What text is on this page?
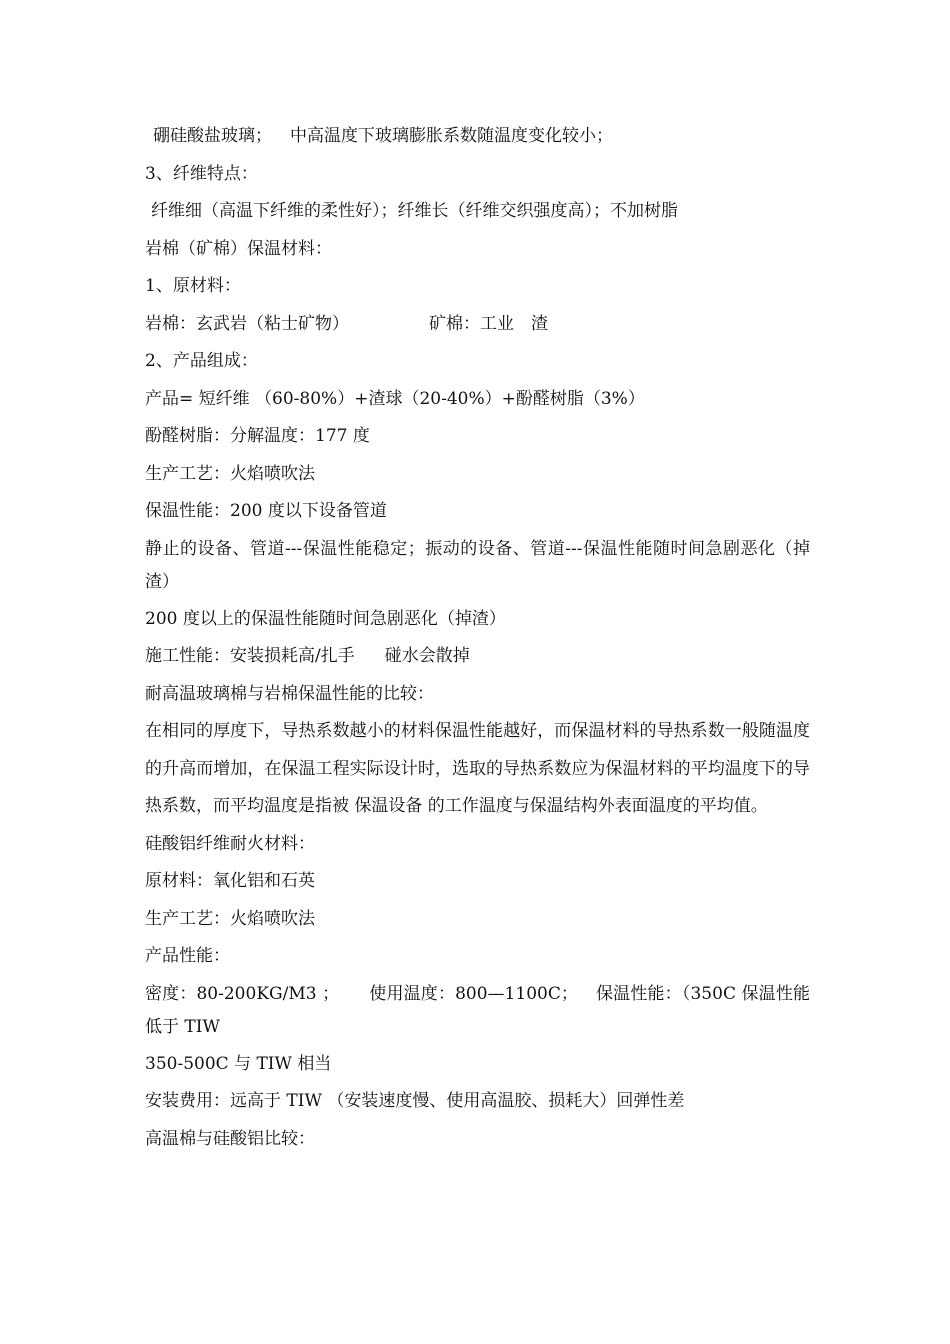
硼硅酸盐玻璃； 中高温度下玻璃膨胀系数随温度变化较小；
3、纤维特点：
纤维细（高温下纤维的柔性好）；纤维长（纤维交织强度高）；不加树脂
岩棉（矿棉）保温材料：
1、原材料：
岩棉：玄武岩（粘士矿物）	矿棉：工业　渣
2、产品组成：
产品= 短纤维 （60-80%）+渣球（20-40%）+酚醛树脂（3%）
酚醛树脂：分解温度：177 度
生产工艺：火焰喷吹法
保温性能：200 度以下设备管道
静止的设备、管道---保温性能稳定；振动的设备、管道---保温性能随时间急剧恶化（掉渣）
200 度以上的保温性能随时间急剧恶化（掉渣）
施工性能：安装损耗高/扎手 碰水会散掉
耐高温玻璃棉与岩棉保温性能的比较：
在相同的厚度下，导热系数越小的材料保温性能越好，而保温材料的导热系数一般随温度的升高而增加，在保温工程实际设计时，选取的导热系数应为保温材料的平均温度下的导热系数，而平均温度是指被 保温设备 的工作温度与保温结构外表面温度的平均值。
硅酸铝纤维耐火材料：
原材料：氧化铝和石英
生产工艺：火焰喷吹法
产品性能：
密度：80-200KG/M3 ； 使用温度：800—1100C； 保温性能：（350C 保温性能低于 TIW
350-500C 与 TIW 相当
安装费用：远高于 TIW （安装速度慢、使用高温胶、损耗大）回弹性差
高温棉与硅酸铝比较：
